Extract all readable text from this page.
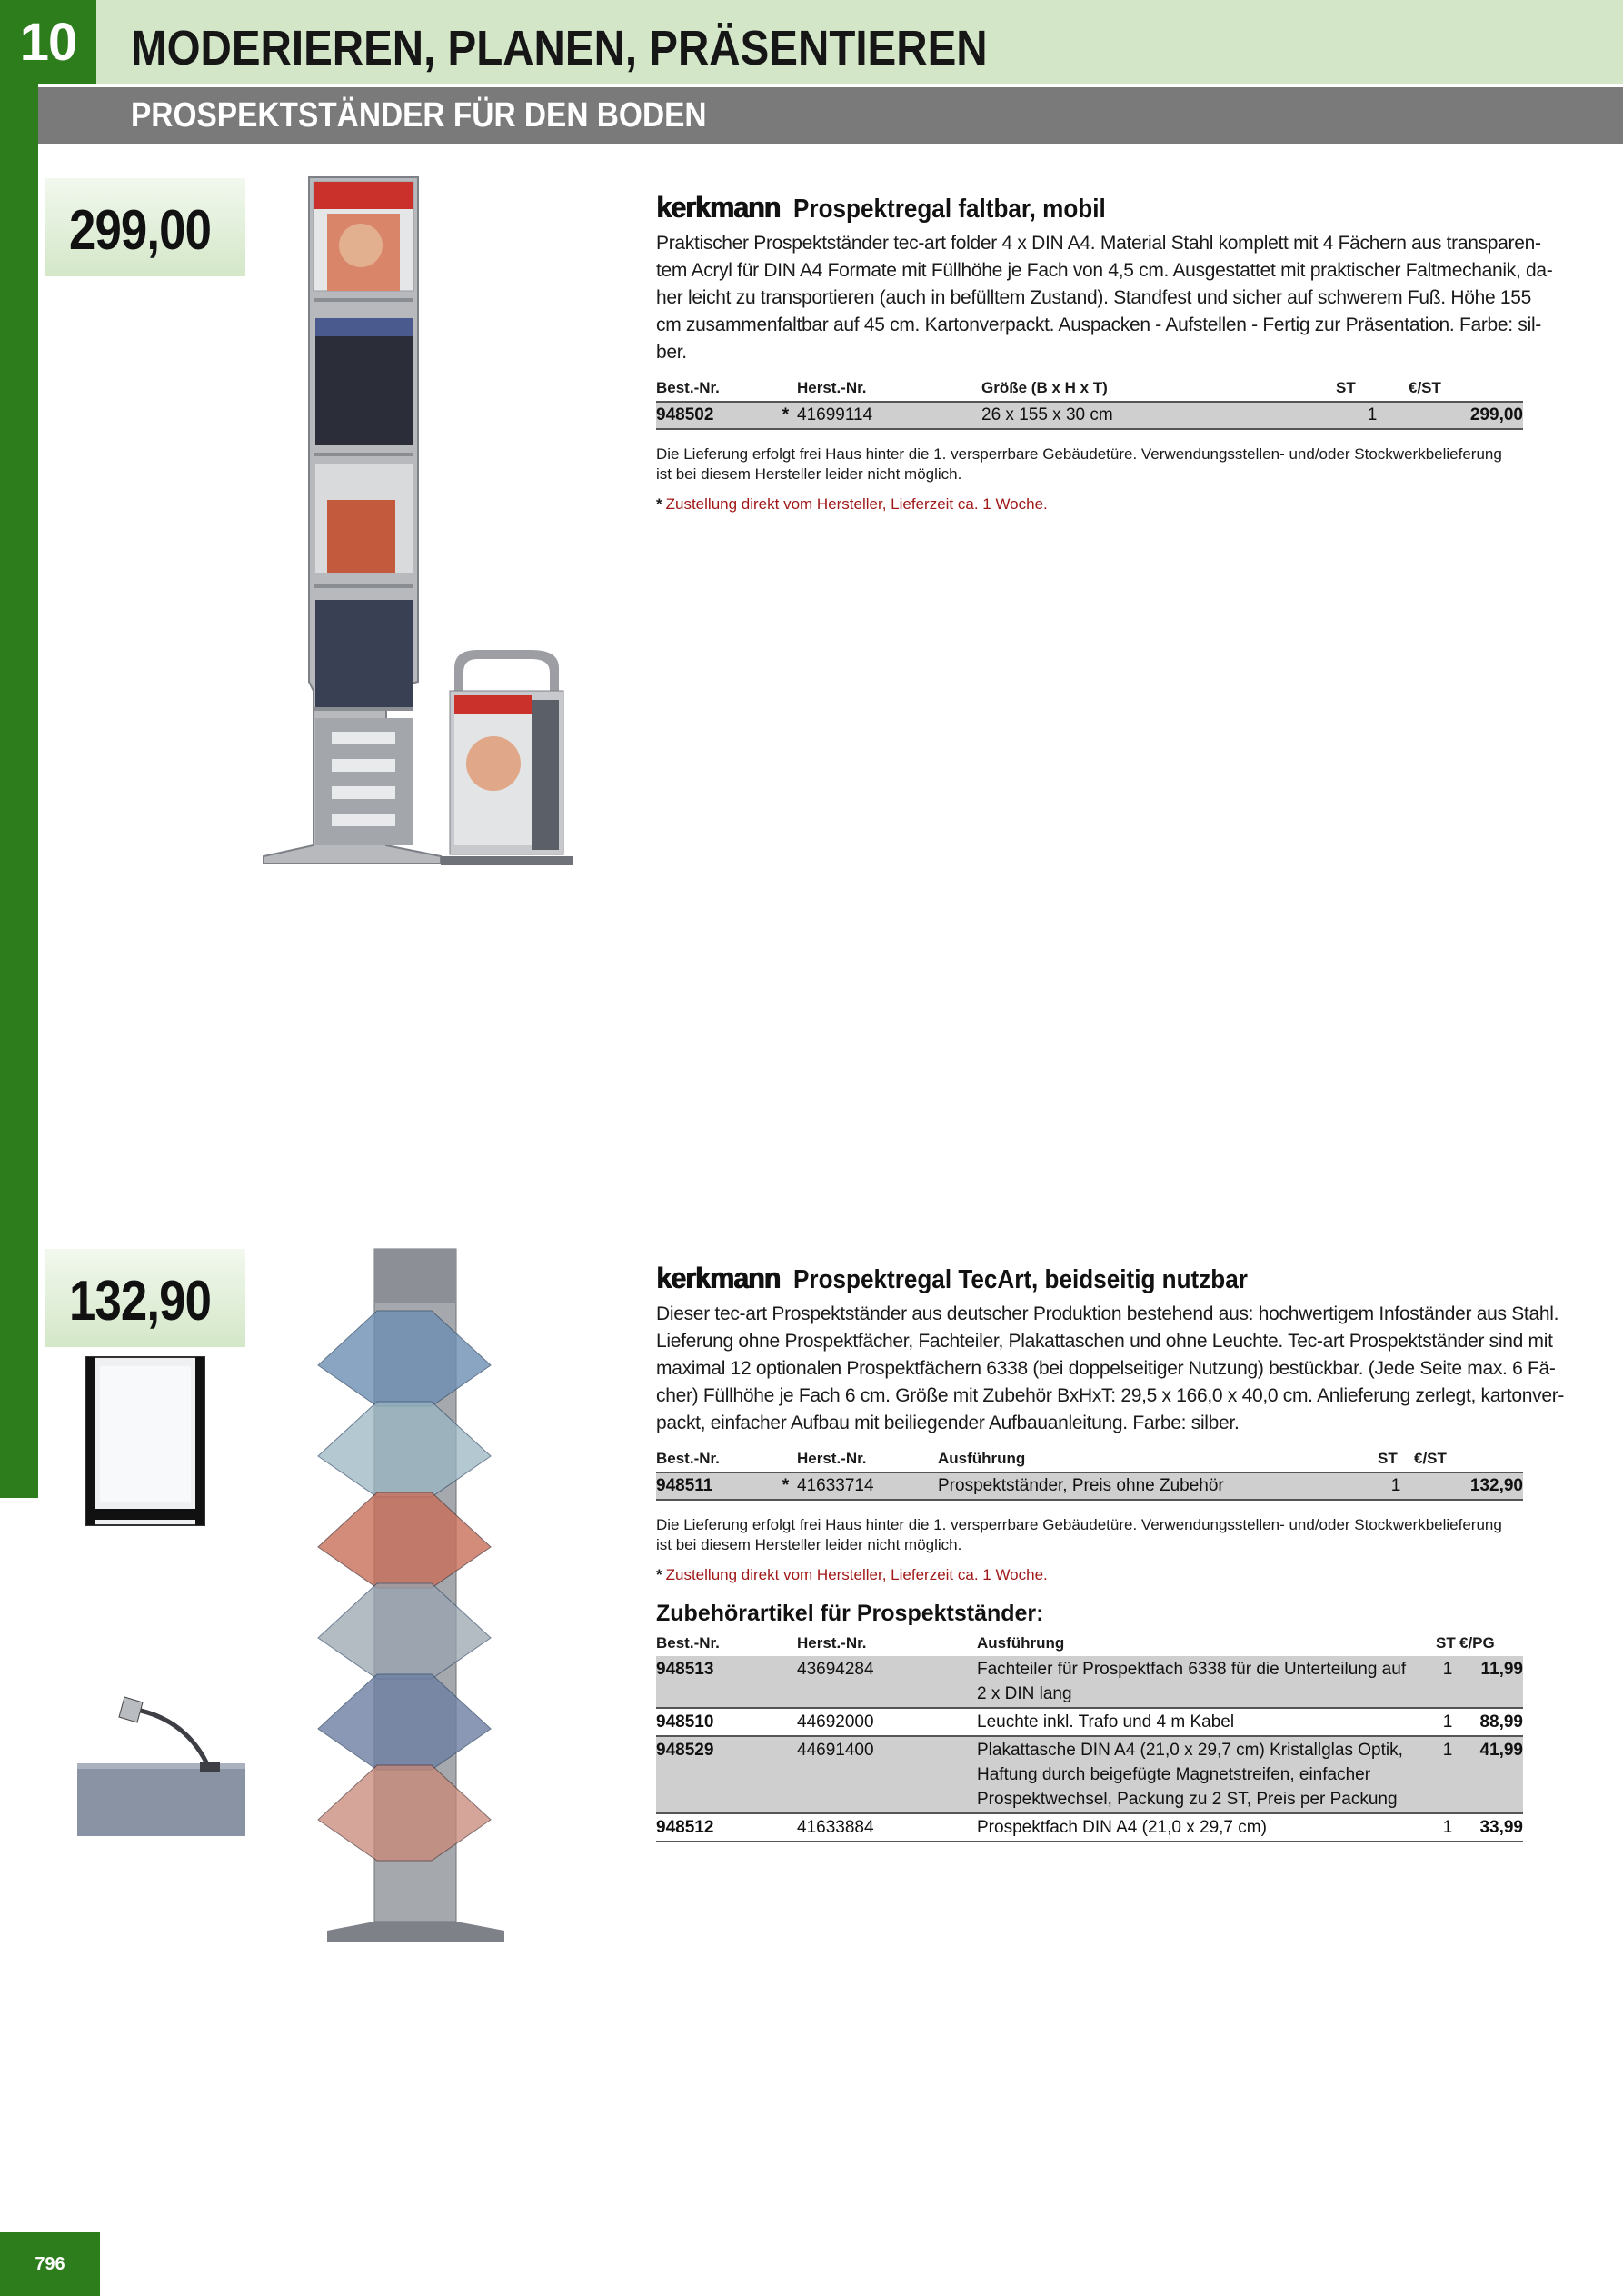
10	MODERIEREN, PLANEN, PRÄSENTIEREN
PROSPEKTSTÄNDER FÜR DEN BODEN
299,00	kerkmann Prospektregal faltbar, mobil
Praktischer Prospektständer tec-art folder 4 x DIN A4. Material Stahl komplett mit 4 Fächern aus transparen-
tem Acryl für DIN A4 Formate mit Füllhöhe je Fach von 4,5 cm. Ausgestattet mit praktischer Faltmechanik, da-
her leicht zu transportieren (auch in befülltem Zustand). Standfest und sicher auf schwerem Fuß. Höhe 155
cm zusammenfaltbar auf 45 cm. Kartonverpackt. Auspacken - Aufstellen - Fertig zur Präsentation. Farbe: sil-
ber.
Best.-Nr.		Herst.-Nr.	Größe (B x H x T)	ST	€/ST
948502	*	41699114	26 x 155 x 30 cm	1	299,00
Die Lieferung erfolgt frei Haus hinter die 1. versperrbare Gebäudetüre. Verwendungsstellen- und/oder Stockwerkbelieferung
ist bei diesem Hersteller leider nicht möglich.
* Zustellung direkt vom Hersteller, Lieferzeit ca. 1 Woche.
132,90	kerkmann Prospektregal TecArt, beidseitig nutzbar
Dieser tec-art Prospektständer aus deutscher Produktion bestehend aus: hochwertigem Infoständer aus Stahl.
Lieferung ohne Prospektfächer, Fachteiler, Plakattaschen und ohne Leuchte. Tec-art Prospektständer sind mit
maximal 12 optionalen Prospektfächern 6338 (bei doppelseitiger Nutzung) bestückbar. (Jede Seite max. 6 Fä-
cher) Füllhöhe je Fach 6 cm. Größe mit Zubehör BxHxT: 29,5 x 166,0 x 40,0 cm. Anlieferung zerlegt, kartonver-
packt, einfacher Aufbau mit beiliegender Aufbauanleitung. Farbe: silber.
Best.-Nr.		Herst.-Nr.	Ausführung	ST	€/ST
948511	*	41633714	Prospektständer, Preis ohne Zubehör	1	132,90
Die Lieferung erfolgt frei Haus hinter die 1. versperrbare Gebäudetüre. Verwendungsstellen- und/oder Stockwerkbelieferung
ist bei diesem Hersteller leider nicht möglich.
* Zustellung direkt vom Hersteller, Lieferzeit ca. 1 Woche.
Zubehörartikel für Prospektständer:
Best.-Nr.	Herst.-Nr.	Ausführung	ST	€/PG
948513	43694284	Fachteiler für Prospektfach 6338 für die Unterteilung auf
2 x DIN lang	1	11,99
948510	44692000	Leuchte inkl. Trafo und 4 m Kabel	1	88,99
948529	44691400	Plakattasche DIN A4 (21,0 x 29,7 cm) Kristallglas Optik,
Haftung durch beigefügte Magnetstreifen, einfacher
Prospektwechsel, Packung zu 2 ST, Preis per Packung	1	41,99
948512	41633884	Prospektfach DIN A4 (21,0 x 29,7 cm)	1	33,99
796
